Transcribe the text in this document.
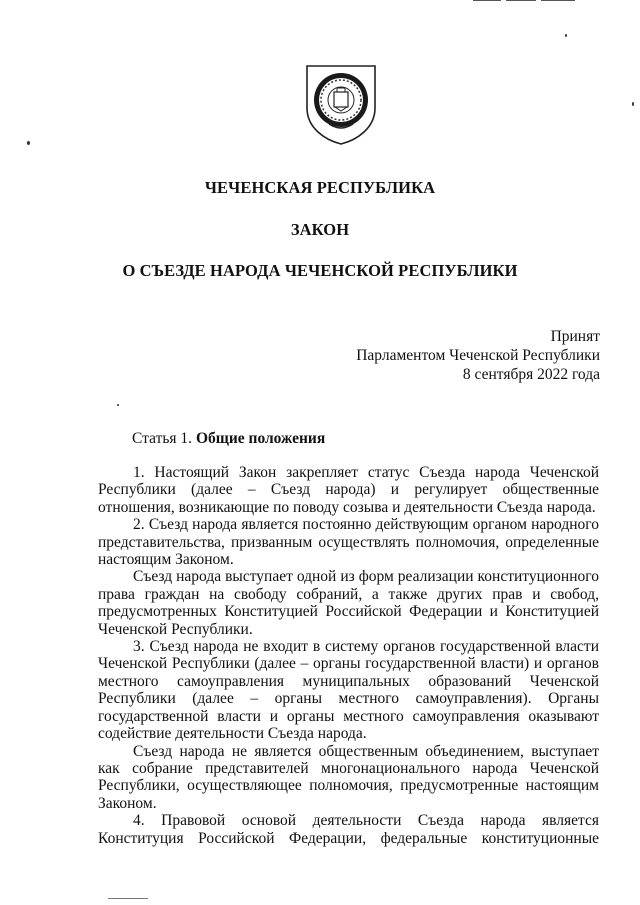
ЧЕЧЕНСКАЯ РЕСПУБЛИКА
ЗАКОН
О СЪЕЗДЕ НАРОДА ЧЕЧЕНСКОЙ РЕСПУБЛИКИ
Принят
Парламентом Чеченской Республики
8 сентября 2022 года
Статья 1. Общие положения

1. Настоящий Закон закрепляет статус Съезда народа Чеченской Республики (далее – Съезд народа) и регулирует общественные отношения, возникающие по поводу созыва и деятельности Съезда народа.

2. Съезд народа является постоянно действующим органом народного представительства, призванным осуществлять полномочия, определенные настоящим Законом.

Съезд народа выступает одной из форм реализации конституционного права граждан на свободу собраний, а также других прав и свобод, предусмотренных Конституцией Российской Федерации и Конституцией Чеченской Республики.

3. Съезд народа не входит в систему органов государственной власти Чеченской Республики (далее – органы государственной власти) и органов местного самоуправления муниципальных образований Чеченской Республики (далее – органы местного самоуправления). Органы государственной власти и органы местного самоуправления оказывают содействие деятельности Съезда народа.

Съезд народа не является общественным объединением, выступает как собрание представителей многонационального народа Чеченской Республики, осуществляющее полномочия, предусмотренные настоящим Законом.

4. Правовой основой деятельности Съезда народа является Конституция Российской Федерации, федеральные конституционные
